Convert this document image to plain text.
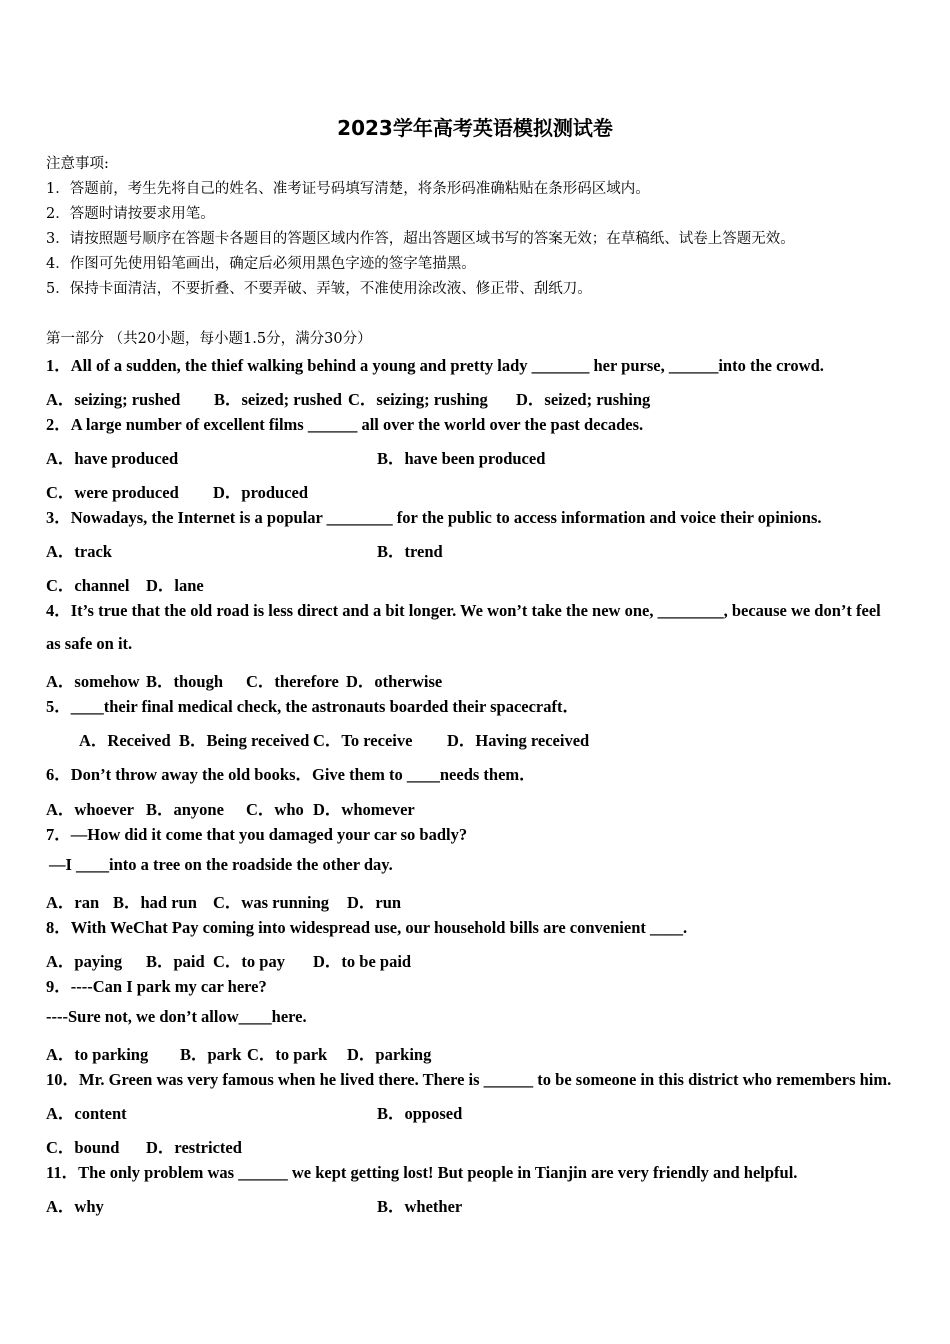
2023学年高考英语模拟测试卷
注意事项:
1．答题前，考生先将自己的姓名、准考证号码填写清楚，将条形码准确粘贴在条形码区域内。
2．答题时请按要求用笔。
3．请按照题号顺序在答题卡各题目的答题区域内作答，超出答题区域书写的答案无效；在草稿纸、试卷上答题无效。
4．作图可先使用铅笔画出，确定后必须用黑色字迹的签字笔描黑。
5．保持卡面清洁，不要折叠、不要弄破、弄皱，不准使用涂改液、修正带、刮纸刀。
第一部分 （共20小题，每小题1.5分，满分30分）
1．All of a sudden, the thief walking behind a young and pretty lady _______ her purse, ______into the crowd.
A．seizing; rushed B．seized; rushed C．seizing; rushing D．seized; rushing
2．A large number of excellent films ______ all over the world over the past decades.
A．have produced	B．have been produced
C．were produced D．produced
3．Nowadays, the Internet is a popular ________ for the public to access information and voice their opinions.
A．track	B．trend
C．channel D．lane
4．It’s true that the old road is less direct and a bit longer. We won’t take the new one, ________, because we don’t feel
as safe on it.
A．somehow B．though C．therefore D．otherwise
5．____their final medical check, the astronauts boarded their spacecraft．
A．Received B．Being received C．To receive D．Having received
6．Don’t throw away the old books．Give them to ____needs them．
A．whoever B．anyone C．who D．whomever
7．—How did it come that you damaged your car so badly?
—I ____into a tree on the roadside the other day.
A．ran B．had run C．was running D．run
8．With WeChat Pay coming into widespread use, our household bills are convenient ____.
A．paying B．paid C．to pay D．to be paid
9．----Can I park my car here?
----Sure not, we don’t allow____here.
A．to parking B．park C．to park D．parking
10．Mr. Green was very famous when he lived there. There is ______ to be someone in this district who remembers him.
A．content	B．opposed
C．bound D．restricted
11．The only problem was ______ we kept getting lost! But people in Tianjin are very friendly and helpful.
A．why	B．whether
